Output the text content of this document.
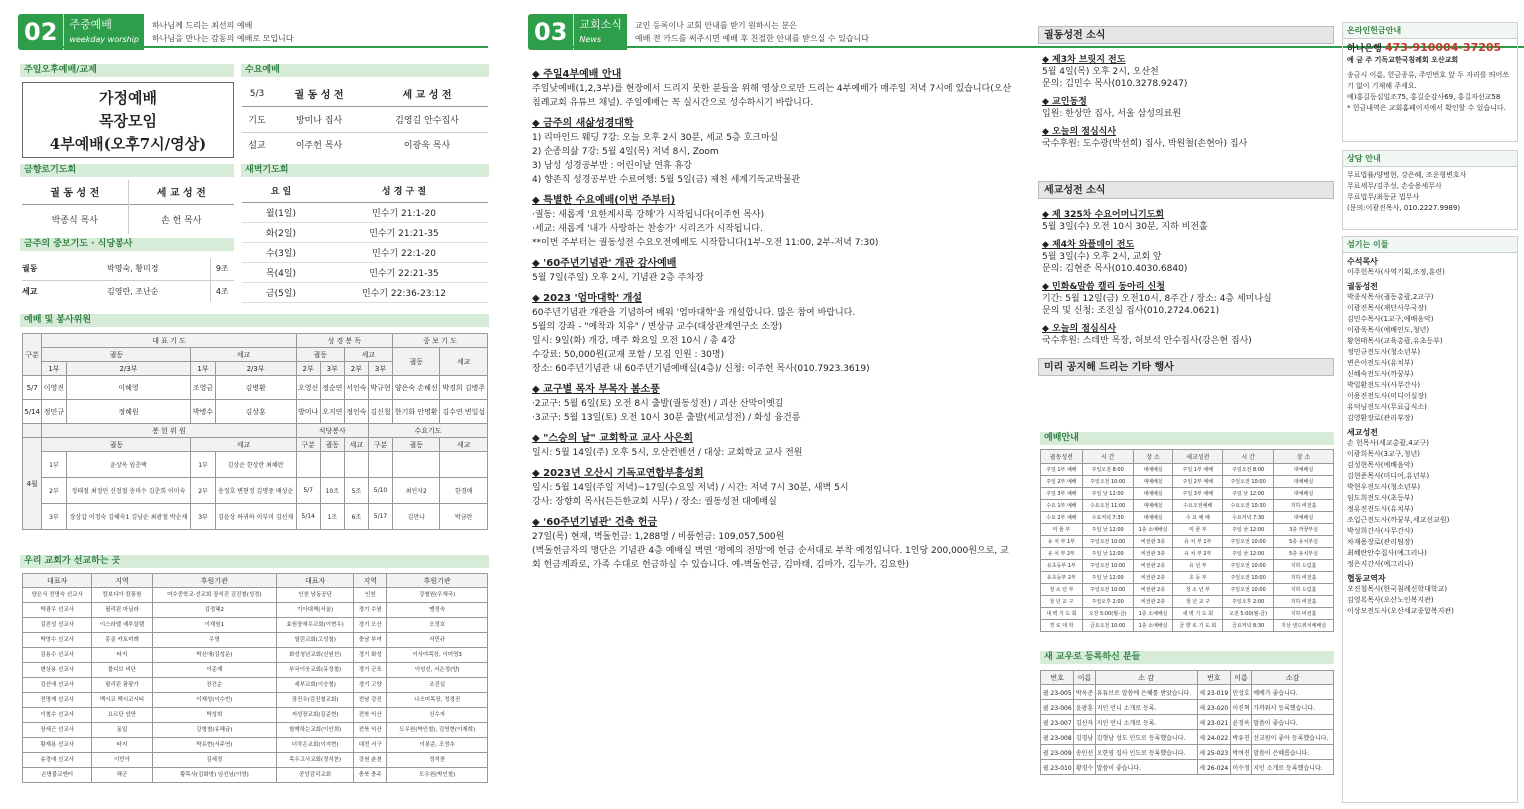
02	주중예배
weekday worship
하나님께 드리는 최선의 예배
하나님을 만나는 감동의 예배로 모입니다
주일오후예배/교제
가정예배
목장모임
4부예배(오후7시/영상)
수요예배
5/3	궐 동 성 전	세 교 성 전
기도	방미나 집사	김영길 안수집사
설교	이주헌 목사	이광욱 목사
금향로기도회
궐 동 성 전	세 교 성 전
박종식 목사	손 헌 목사
새벽기도회
요 일	성 경 구 절
월(1일)	민수기 21:1-20
화(2일)	민수기 21:21-35
수(3일)	민수기 22:1-20
목(4일)	민수기 22:21-35
금(5일)	민수기 22:36-23:12
금주의 중보기도 · 식당봉사
궐동	박명숙, 황미경	9조
세교	김영란, 조난순	4조
예배 및 봉사위원
구분	대 표 기 도				성 경 봉 독				중 보 기 도	
	궐동		세교		궐동		세교		궐동	세교
	1부	2/3부	1부	2/3부	2부	3부	2부	3부		
5/7	이영진	이혜영	조영금	김병환	오영선	정순연	서인숙	박규현	양은숙 손혜선	박경희 김병주
5/14	정민규	정혜원	박병수	김상훈	방미나	오지연	정인숙	김신철	한기화 안명환	김수연 변일섭
	봉 헌 위 원				식당봉사			수요기도		
4월	궐동		세교		구분	궐동	세교	구분	궐동	세교
	1부	윤상옥 임춘택	1부	김상순 한상란 최혜란						
	2부	정태철 최정민 신정철 송미수 김춘희 이미숙	2부	송정호 변현정 김명중 배성순	5/7	10조	5조	5/10	최인자2	한경애
	3부	장상갑 이정숙 김혜숙1 김남순 최광철 박순재	3부	김윤상 하귀하 이부미 김선재	5/14	1조	6조	5/17	김만나	박금란
우리 교회가 선교하는 곳
대표자	지역	후원기관	대표자	지역	후원기관
양은식 전명숙 선교사	캄보디아 캄퐁참	여수중학교·선교회 장석진 김진철(성경)	인천 남동공단	인천	강철원(우체국)
박광우 선교사	필리핀 마닐라	김정혜2	기아대책(서울)	경기 수원	맹정숙
김진성 선교사	이스라엘 예루살렘	이재원1	효원장애우교회(이현우)	경기 오산	오정호
박영수 선교사	몽골 카토미례	우명	열린교회(고성철)	충남 부여	서민규
김용수 선교사	타지	박신애(김성운)	화성청년교회(신원선)	경기 화성	이사야목장, 이미영3
변상용 선교사	몰디브 비단	이준재	부국이웃교회(유정철)	경기 군포	이성선, 서은정(양)
김선애 선교사	필리핀 팜팡가	장건순	세부교회(이승철)	경기 고양	조진실
전명재 선교사	멕시코 멕시코시티	이재성(이수빈)	장진우(김진철교회)	전남 강진	나오미목장, 정경진
이철수 선교사	요르단 암만	박성희	저성장교회(김준현)	전북 익산	신수자
장세근 선교사	동일	강형철(유혜금)	함께하는교회(이인희)	전북 익산	도우원(박인철), 김영현(이재희)
황재용 선교사	타지	박유현(서주연)	더작은교회(이지현)	대전 서구	이봉준, 조정추
송경애 선교사	이민아	김세정	목우고사교회(정석찬)	강원 춘천	정석찬
손명불교엔터	해군	황목사(김화영) 임선님(이영)	중앙감리교회	충북 충주	도우원(박인철)
03	교회소식
News
교인 등록이나 교회 안내를 받기 원하시는 분은
예배 전 카드를 써주시면 예배 후 친절한 안내를 받으실 수 있습니다
◆ 주일4부예배 안내

주일낮예배(1,2,3부)를 현장에서 드리지 못한 분들을 위해 영상으로만 드리는 4부예배가 매주일 저녁 7시에 있습니다(오산침례교회 유튜브 채널). 주일예배는 꼭 실시간으로 성수하시기 바랍니다.

◆ 금주의 새삶성경대학

1) 리마인드 웨딩 7강: 오늘 오후 2시 30분, 세교 5층 호크마실
2) 순종의삶 7강: 5월 4일(목) 저녁 8시, Zoom
3) 남성 성경공부반 : 어린이날 연휴 휴강
4) 향존직 성경공부반 수료여행: 5월 5일(금) 제천 세계기독교박물관

◆ 특별한 수요예배(이번 주부터)

·궐동: 새롭게 '요한계시록 강해'가 시작됩니다(이주헌 목사)
·세교: 새롭게 '내가 사랑하는 찬송가' 시리즈가 시작됩니다.
**이번 주부터는 궐동성전 수요오전예배도 시작합니다(1부-오전 11:00, 2부-저녁 7:30)

◆ '60주년기념관' 개관 감사예배

5월 7일(주일) 오후 2시, 기념관 2층 주차장

◆ 2023 '엄마대학' 개설

60주년기념관 개관을 기념하여 배워 '엄마대학'을 개설합니다. 많은 참여 바랍니다.
5월의 강좌 - "예착과 치유" / 변상규 교수(대상관계연구소 소장)
일시: 9일(화) 개강, 매주 화요일 오전 10시 / 총 4강
수강료: 50,000원(교재 포함 / 모집 인원 : 30명)
장소: 60주년기념관 내 60주년기념예배실(4층)/ 신청: 이주헌 목사(010.7923.3619)

◆ 교구별 목자 부목자 봄소풍

·2교구: 5월 6일(토) 오전 8시 출발(궐동성전) / 괴산 산막이옛길
·3교구: 5월 13일(토) 오전 10시 30분 출발(세교성전) / 화성 융건릉

◆ "스승의 날" 교회학교 교사 사은회

일시: 5월 14일(주) 오후 5시, 오산컨벤션 / 대상: 교회학교 교사 전원

◆ 2023년 오산시 기독교연합부흥성회

일시: 5월 14일(주일 저녁)~17일(수요일 저녁) / 시간: 저녁 7시 30분, 새벽 5시
강사: 장향희 목사(든든한교회 시무) / 장소: 궐동성전 대예배실

◆ '60주년기념관' 건축 헌금

27일(목) 현재, 벽돌헌금: 1,288명 / 비품헌금: 109,057,500원
(벽돌헌금자의 명단은 기념관 4층 예배실 벽면 '평예의 전망'에 헌금 순서대로 부착 예정입니다. 1인당 200,000원으로, 교회 헌금계좌로, 가족 수대로 헌금하실 수 있습니다. 예-벽돌헌금, 김마태, 김마가, 김누가, 김요한)

궐동성전 소식
◆ 제3차 브릿지 전도

5월 4일(목) 오후 2시, 오산천
문의: 김민수 목사(010.3278.9247)

◆ 교인동정

입원: 한상만 집사, 서울 삼성의료원

◆ 오늘의 점심식사

국수후원: 도수광(박선희) 집사, 박원철(손현아) 집사

세교성전 소식
◆ 제 325차 수요어머니기도회

5월 3일(수) 오전 10시 30분, 지하 비전홀

◆ 제4차 와플데이 전도

5월 3일(수) 오후 2시, 교회 앞
문의: 김현준 목사(010.4030.6840)

◆ 민화&말씀 캘리 동아리 신청

기간: 5월 12일(금) 오전10시, 8주간 / 장소: 4층 세미나실
문의 및 신청: 조진실 집사(010.2724.0621)

◆ 오늘의 점심식사

국수후원: 스데반 목장, 허보석 안수집사(강은현 집사)

미리 공지해 드리는 기타 행사
예배안내
궐동성전	시 간	장 소	세교성전	시 간	장 소
주일 1부 예배	주일오전 8:00	대예배실	주일 1부 예배	주일오전 8:00	대예배실
주일 2부 예배	주일오전 10:00	대예배실	주일 2부 예배	주일오전 10:00	대예배실
주일 3부 예배	주일 낮 12:00	대예배실	주일 3부 예배	주일 낮 12:00	대예배실
수요 1부 예배	수요오전 11:00	대예배실	수요오전예배	수요오전 10:30	지하 비전홀
수요 2부 예배	수요저녁 7:30	대예배실	수 요 예 배	수요저녁 7:30	대예배실
미 꿈 부	주일 낮 12:00	1층 소예배실	미 꿈 부	주일 낮 12:00	3층 까꿍부실
유 치 부 1부	주일오전 10:00	비전관 3층	유 치 부 1부	주일오전 10:00	5층 유치부실
유 치 부 2부	주일 낮 12:00	비전관 3층	유 치 부 2부	주일 낮 12:00	5층 유치부실
유초등부 1부	주일오전 10:00	비전관 2층	유 년 부	주일오전 10:00	지하 드림홀
유초등부 2부	주일 낮 12:00	비전관 2층	초 등 부	주일오전 10:00	지하 비전홀
청 소 년 부	주일오전 10:00	비전관 2층	청 소 년 부	주일오전 10:00	지하 드림홀
청 년 교 구	주일오후 2:00	비전관 2층	청 년 교 구	주일오후 2:00	지하 비전홀
새 벽 기 도 회	오전 5:00(월-금)	1층 소예배실	새 벽 기 도 회	오전 5:00(월-금)	지하 비전홀
경 로 대 학	금요오전 10:00	1층 소예배실	금 향 로 기 도 회	금요저녁 8:30	지상 샌드위치예배실
새 교우로 등록하신 분들
번호	이름	소 감	번호	이름	소감
궐 23-005	박옥준	유튜브로 말씀에 은혜를 받았습니다.	세 23-019	민성호	예배가 좋습니다.
궐 23-006	윤광훈	지인 언니 소개로 등록.	세 23-020	이진혁	가까워서 등록했습니다.
궐 23-007	김선자	지인 언니 소개로 등록.	세 23-021	윤정옥	말씀이 좋습니다.
궐 23-008	김경남	김형남 성도 인도로 등록했습니다.	세 24-022	박유진	선교원이 좋아 등록했습니다.
궐 23-009	송민선	오한영 집사 인도로 등록했습니다.	세 25-023	박여진	말씀이 은혜롭습니다.
궐 23-010	황경수	말씀이 좋습니다.	세 26-024	이수정	지인 소개로 등록했습니다.
온라인헌금안내
하나은행 473-910004-37205
예 금 주 기독교한국침례회 오산교회
송금시 이름, 헌금종류, 주민번호 앞 두 자리를 띄어쓰기 없이 기재해 주세요.
예)홍길동십일조75, 홍길순감사69, 홍길자선교58
* 헌금내역은 교회홈페이지에서 확인할 수 있습니다.
상담 안내
무료법률/양병현, 강은혜, 조운형변호사
무료세무/김주성, 손승용세무사
무료법무/최동균 법무사
(문의:이광진목사, 010.2227.9989)
섬기는 이들
수석목사
이주헌목사(사역기획,조정,훈련)
궐동성전
박종식목사(궐동총괄,2교구)
이광진목사(재단사무국장)
김민수목사(1교구,예배음악)
이광욱목사(예배인도,청년)
황현태목사(교육총괄,유초등부)
정민규전도사(청소년부)
변은이전도사(유치부)
신혜숙전도사(까꿍부)
박일환전도사(사무간사)
이용진전도사(미디어실장)
유덕님전도사(무료급식소)
김영환장로(관리부장)
세교성전
손 헌목사(세교총괄,4교구)
이광희목사(3교구,청년)
김성현목사(예배음악)
김현준목사(미디어,유년부)
박현우전도사(청소년부)
임도희전도사(초등부)
정유진전도사(유치부)
조입근전도사(까꿍부,세교선교원)
박성희간사(사무간사)
차재용장로(관리팀장)
최혜란안수집사(예그리나)
정은지간사(예그리나)
협동교역자
오진철목사(한국침례신학대학교)
김영록목사(오산노인복지관)
이상모전도사(오산세교종합복지관)
